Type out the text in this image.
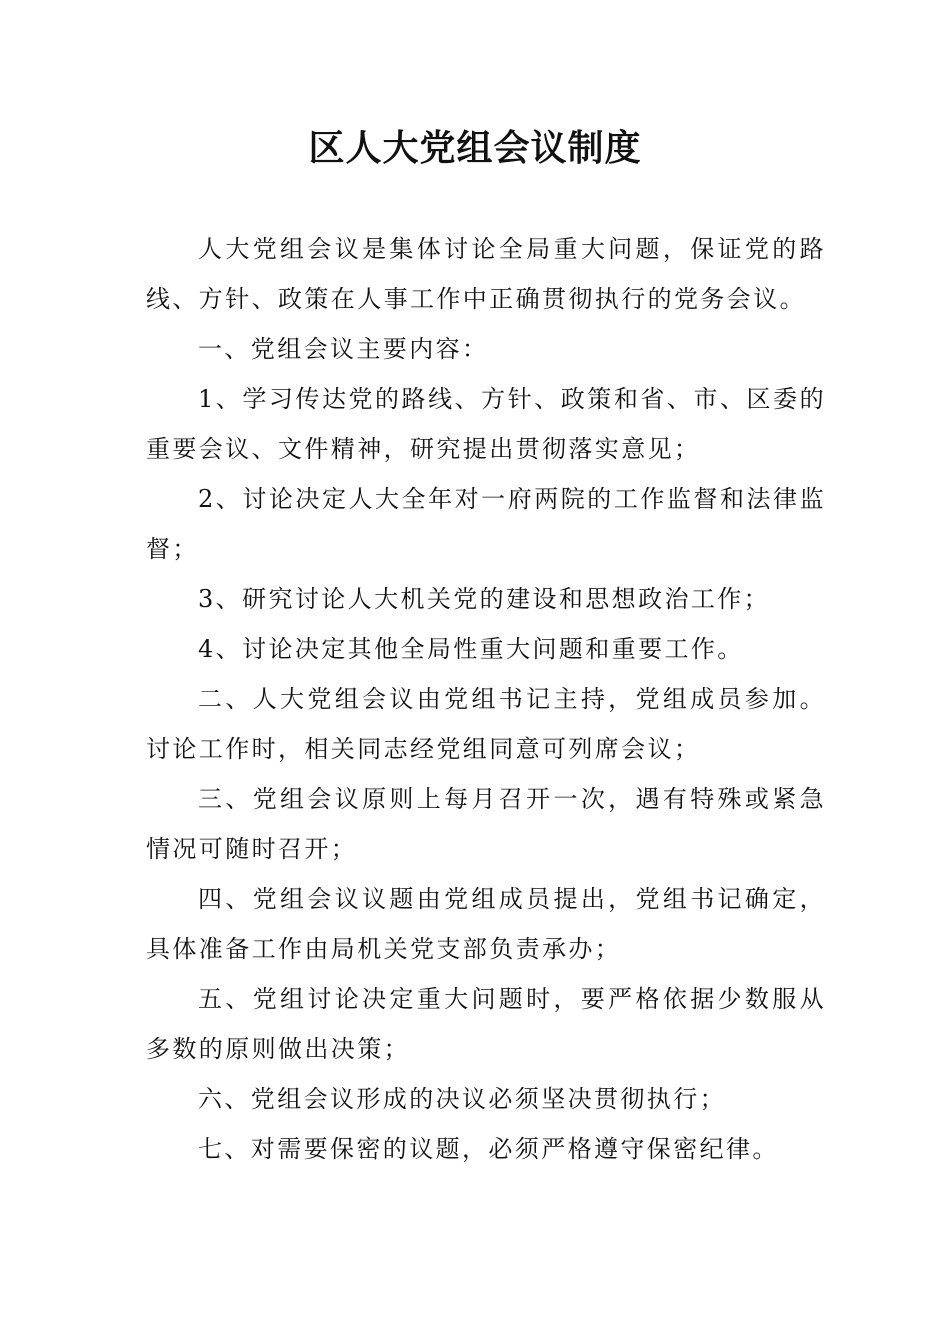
区人大党组会议制度

人大党组会议是集体讨论全局重大问题，保证党的路线、方针、政策在人事工作中正确贯彻执行的党务会议。

一、党组会议主要内容：

1、学习传达党的路线、方针、政策和省、市、区委的重要会议、文件精神，研究提出贯彻落实意见；

2、讨论决定人大全年对一府两院的工作监督和法律监督；

3、研究讨论人大机关党的建设和思想政治工作；

4、讨论决定其他全局性重大问题和重要工作。

二、人大党组会议由党组书记主持，党组成员参加。讨论工作时，相关同志经党组同意可列席会议；

三、党组会议原则上每月召开一次，遇有特殊或紧急情况可随时召开；

四、党组会议议题由党组成员提出，党组书记确定，具体准备工作由局机关党支部负责承办；

五、党组讨论决定重大问题时，要严格依据少数服从多数的原则做出决策；

六、党组会议形成的决议必须坚决贯彻执行；

七、对需要保密的议题，必须严格遵守保密纪律。
